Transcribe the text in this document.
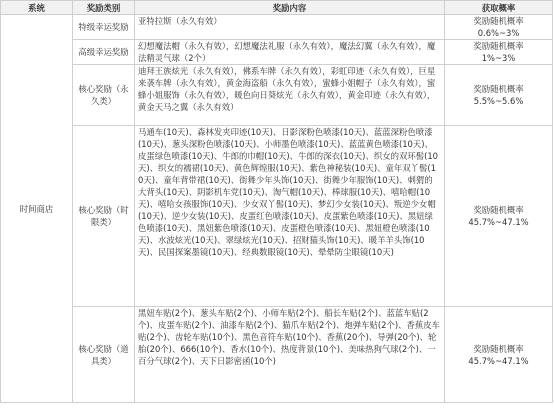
系统	奖励类别	奖励内容	获取概率
时间商店	特级幸运奖励	亚特拉斯（永久有效）	奖励随机概率
0.6%~3%

	高级幸运奖励	幻想魔法帽（永久有效），幻想魔法礼服（永久有效），魔法幻翼（永久有效），魔法精灵气球（2个）	奖励随机概率
1%~3%

	核心奖励（永久类）	迪拜王族炫光（永久有效），佛系车牌（永久有效），彩虹印迹（永久有效），巨星来袭车牌（永久有效），黄金海盗船（永久有效），蜜蜂小姐帽子（永久有效），蜜蜂小姐服饰（永久有效），暖色向日葵炫光（永久有效），黄金印迹（永久有效），黄金天马之翼（永久有效）	奖励随机概率
5.5%~5.6%

	核心奖励（时限类）	马通车(10天)、森林发夹印迹(10天)、日影深粉色喷漆(10天)、蓝蓝深粉色喷漆(10天)、葱头深粉色喷漆(10天)、小师墨色喷漆(10天)、蓝蓝黄色喷漆(10天)、皮蛋绿色喷漆(10天)、牛郎的巾帽(10天)、牛郎的深衣(10天)、织女的双环髻(10天)、织女的襦裙(10天)、黄色辉煌服(10天)、紫色神秘装(10天)、童年双丫髻(10天)、童年背带裙(10天)、街舞少年头饰(10天)、街舞少年服饰(10天)、刺猬的大背头(10天)、阴影机车党(10天)、淘气帽(10天)、棒球服(10天)、嘻哈帽(10天)、嘻哈女孩服饰(10天)、少女双丫髻(10天)、梦幻少女装(10天)、叛逆少女帽(10天)、逆少女装(10天)、皮蛋红色喷漆(10天)、皮蛋紫色喷漆(10天)、黑妞绿色喷漆(10天)、黑妞紫色喷漆(10天)、皮蛋橙色喷漆(10天)、黑妞橙色喷漆(10天)、水波炫光(10天)、翠绿炫光(10天)、招财猫头饰(10天)、暖羊羊头饰(10天)、民国探案墨镜(10天)、经典数眼镜(10天)、晕晕防尘眼镜(10天)	奖励随机概率
45.7%~47.1%

	核心奖励（道具类）	黑妞车贴(2个)、葱头车贴(2个)、小师车贴(2个)、船长车贴(2个)、蓝蓝车贴(2个)、皮蛋车贴(2个)、油漆车贴(2个)、猫爪车贴(2个)、炮弹车贴(2个)、香蕉皮车贴(2个)、齿轮车贴(10个)、黑色音符车贴(10个)、香蕉(20个)、导弹(20个)、轮胎(20个)、666(10个)、香水(10个)、热度背景(10个)、美味热狗气球(2个)、一百分气球(2个)、天下日影密函(10个)	奖励随机概率
45.7%~47.1%
